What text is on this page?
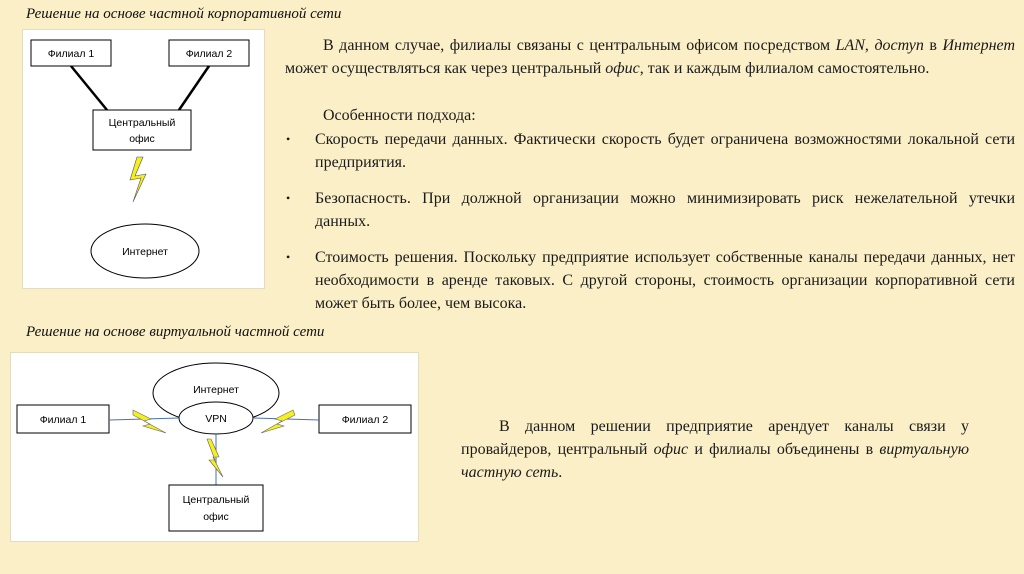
Решение на основе частной корпоративной сети
Филиал 1	Филиал 2
Центральный
офис
Интернет
В данном случае, филиалы связаны с центральным офисом посредством LAN, доступ в Интернет может осуществляться как через центральный офис, так и каждым филиалом самостоятельно.
Особенности подхода:
• Скорость передачи данных. Фактически скорость будет ограничена возможностями локальной сети предприятия.
• Безопасность. При должной организации можно минимизировать риск нежелательной утечки данных.
• Стоимость решения. Поскольку предприятие использует собственные каналы передачи данных, нет необходимости в аренде таковых. С другой стороны, стоимость организации корпоративной сети может быть более, чем высока.
Решение на основе виртуальной частной сети
Интернет
VPN
Филиал 1	Филиал 2
Центральный
офис
В данном решении предприятие арендует каналы связи у провайдеров, центральный офис и филиалы объединены в виртуальную частную сеть.
